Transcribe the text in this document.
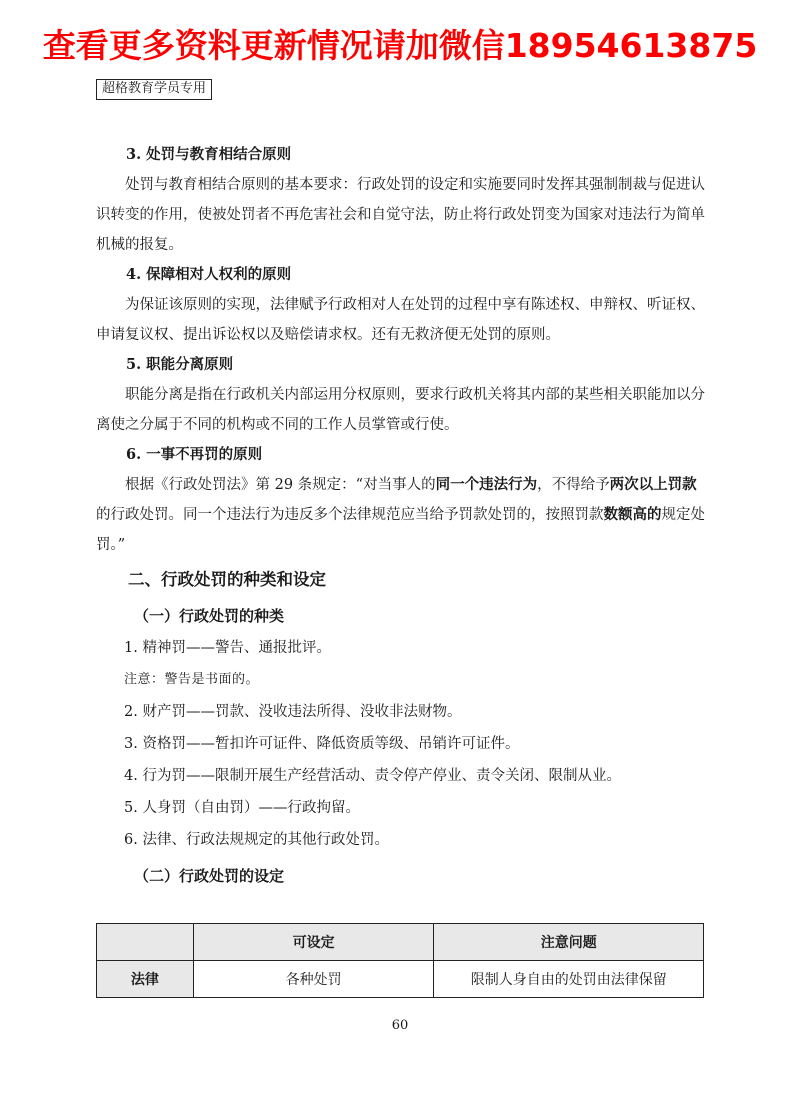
查看更多资料更新情况请加微信18954613875
超格教育学员专用

3. 处罚与教育相结合原则

处罚与教育相结合原则的基本要求：行政处罚的设定和实施要同时发挥其强制制裁与促进认识转变的作用，使被处罚者不再危害社会和自觉守法，防止将行政处罚变为国家对违法行为简单机械的报复。

4. 保障相对人权利的原则

为保证该原则的实现，法律赋予行政相对人在处罚的过程中享有陈述权、申辩权、听证权、申请复议权、提出诉讼权以及赔偿请求权。还有无救济便无处罚的原则。

5. 职能分离原则

职能分离是指在行政机关内部运用分权原则，要求行政机关将其内部的某些相关职能加以分离使之分属于不同的机构或不同的工作人员掌管或行使。

6. 一事不再罚的原则

根据《行政处罚法》第 29 条规定：“对当事人的同一个违法行为，不得给予两次以上罚款的行政处罚。同一个违法行为违反多个法律规范应当给予罚款处罚的，按照罚款数额高的规定处罚。”

二、行政处罚的种类和设定

（一）行政处罚的种类

1. 精神罚——警告、通报批评。

注意：警告是书面的。

2. 财产罚——罚款、没收违法所得、没收非法财物。

3. 资格罚——暂扣许可证件、降低资质等级、吊销许可证件。

4. 行为罚——限制开展生产经营活动、责令停产停业、责令关闭、限制从业。

5. 人身罚（自由罚）——行政拘留。

6. 法律、行政法规规定的其他行政处罚。

（二）行政处罚的设定

	可设定	注意问题
法律	各种处罚	限制人身自由的处罚由法律保留
60
